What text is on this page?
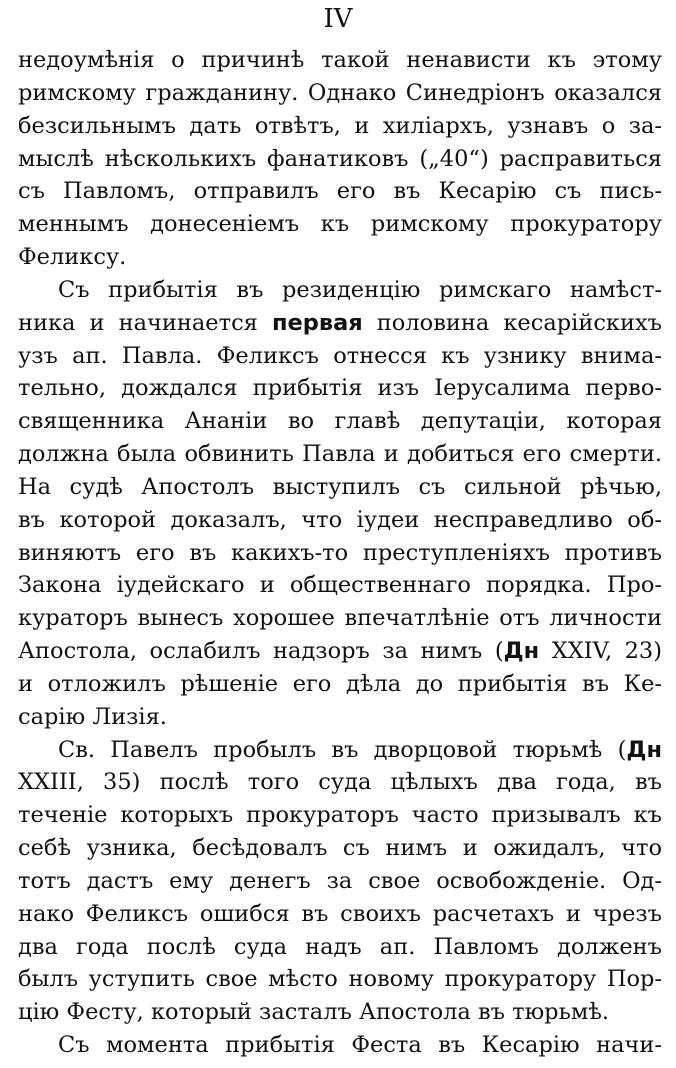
IV
недоумѣнія о причинѣ такой ненависти къ этому
римскому гражданину. Однако Синедріонъ оказался
безсильнымъ дать отвѣтъ, и хиліархъ, узнавъ о за-
мыслѣ нѣсколькихъ фанатиковъ („40“) расправиться
съ Павломъ, отправилъ его въ Кесарію съ пись-
меннымъ донесеніемъ къ римскому прокуратору
Феликсу.
Съ прибытія въ резиденцію римскаго намѣст-
ника и начинается первая половина кесарійскихъ
узъ ап. Павла. Феликсъ отнесся къ узнику внима-
тельно, дождался прибытія изъ Іерусалима перво-
священника Ананіи во главѣ депутаціи, которая
должна была обвинить Павла и добиться его смерти.
На судѣ Апостолъ выступилъ съ сильной рѣчью,
въ которой доказалъ, что іудеи несправедливо об-
виняютъ его въ какихъ-то преступленіяхъ противъ
Закона іудейскаго и общественнаго порядка. Про-
кураторъ вынесъ хорошее впечатлѣніе отъ личности
Апостола, ослабилъ надзоръ за нимъ (Дн XXIV, 23)
и отложилъ рѣшеніе его дѣла до прибытія въ Ке-
сарію Лизія.
Св. Павелъ пробылъ въ дворцовой тюрьмѣ (Дн
XXIII, 35) послѣ того суда цѣлыхъ два года, въ
теченіе которыхъ прокураторъ часто призывалъ къ
себѣ узника, бесѣдовалъ съ нимъ и ожидалъ, что
тотъ дастъ ему денегъ за свое освобожденіе. Од-
нако Феликсъ ошибся въ своихъ расчетахъ и чрезъ
два года послѣ суда надъ ап. Павломъ долженъ
былъ уступить свое мѣсто новому прокуратору Пор-
цію Фесту, который засталъ Апостола въ тюрьмѣ.
Съ момента прибытія Феста въ Кесарію начи-
